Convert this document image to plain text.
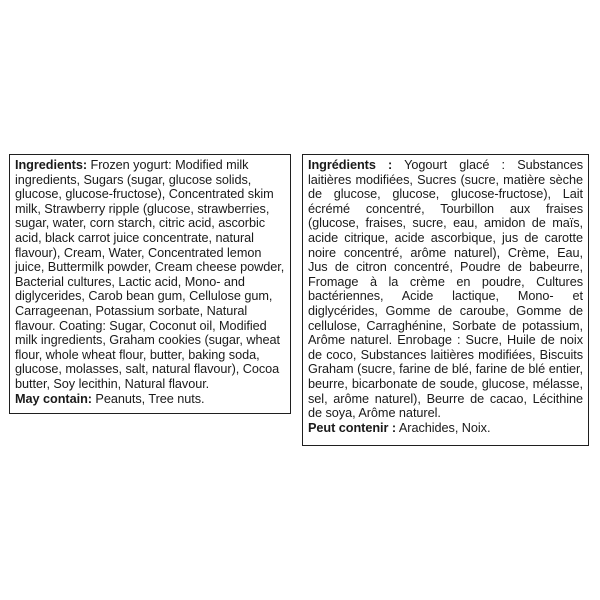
Ingredients: Frozen yogurt: Modified milk ingredients, Sugars (sugar, glucose solids, glucose, glucose-fructose), Concentrated skim milk, Strawberry ripple (glucose, strawberries, sugar, water, corn starch, citric acid, ascorbic acid, black carrot juice concentrate, natural flavour), Cream, Water, Concentrated lemon juice, Buttermilk powder, Cream cheese powder, Bacterial cultures, Lactic acid, Mono- and diglycerides, Carob bean gum, Cellulose gum, Carrageenan, Potassium sorbate, Natural flavour. Coating: Sugar, Coconut oil, Modified milk ingredients, Graham cookies (sugar, wheat flour, whole wheat flour, butter, baking soda, glucose, molasses, salt, natural flavour), Cocoa butter, Soy lecithin, Natural flavour.

May contain: Peanuts, Tree nuts.

Ingrédients : Yogourt glacé : Substances laitières modifiées, Sucres (sucre, matière sèche de glucose, glucose, glucose-fructose), Lait écrémé concentré, Tourbillon aux fraises (glucose, fraises, sucre, eau, amidon de maïs, acide citrique, acide ascorbique, jus de carotte noire concentré, arôme naturel), Crème, Eau, Jus de citron concentré, Poudre de babeurre, Fromage à la crème en poudre, Cultures bactériennes, Acide lactique, Mono- et diglycérides, Gomme de caroube, Gomme de cellulose, Carraghénine, Sorbate de potassium, Arôme naturel. Enrobage : Sucre, Huile de noix de coco, Substances laitières modifiées, Biscuits Graham (sucre, farine de blé, farine de blé entier, beurre, bicarbonate de soude, glucose, mélasse, sel, arôme naturel), Beurre de cacao, Lécithine de soya, Arôme naturel.

Peut contenir : Arachides, Noix.
